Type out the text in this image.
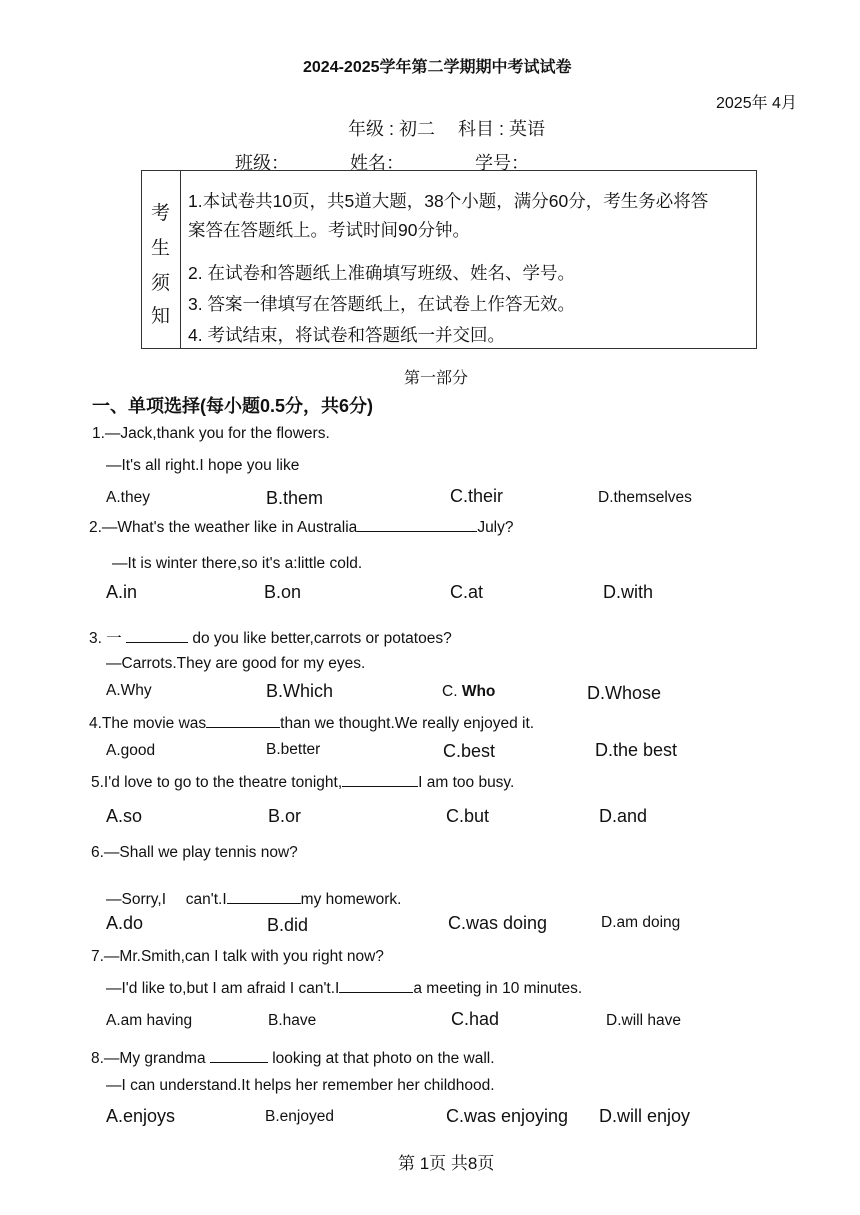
2024-2025学年第二学期期中考试试卷
2025年 4月
年级 : 初二　 科目 : 英语
班级：	姓名：	学号：
考
生
须
知
1.本试卷共10页，共5道大题，38个小题，满分60分，考生务必将答
案答在答题纸上。考试时间90分钟。
2. 在试卷和答题纸上准确填写班级、姓名、学号。
3. 答案一律填写在答题纸上，在试卷上作答无效。
4. 考试结束，将试卷和答题纸一并交回。
第一部分
一、单项选择(每小题0.5分，共6分)
1.—Jack,thank you for the flowers.
—It's all right.I hope you like
A.they	B.them	C.their	D.themselves
2.—What's the weather like in Australia	July?
—It is winter there,so it's a:little cold.
A.in	B.on	C.at	D.with
3. 一	do you like better,carrots or potatoes?
—Carrots.They are good for my eyes.
A.Why	B.Which	C. Who	D.Whose
4.The movie was	than we thought.We really enjoyed it.
A.good	B.better	C.best	D.the best
5.I'd love to go to the theatre tonight,	I am too busy.
A.so	B.or	C.but	D.and
6.—Shall we play tennis now?
—Sorry,I　 can't.I	my homework.
A.do	B.did	C.was doing	D.am doing
7.—Mr.Smith,can I talk with you right now?
—I'd like to,but I am afraid I can't.I	a meeting in 10 minutes.
A.am having	B.have	C.had	D.will have
8.—My grandma	looking at that photo on the wall.
—I can understand.It helps her remember her childhood.
A.enjoys	B.enjoyed	C.was enjoying D.will enjoy
第 1页 共8页
